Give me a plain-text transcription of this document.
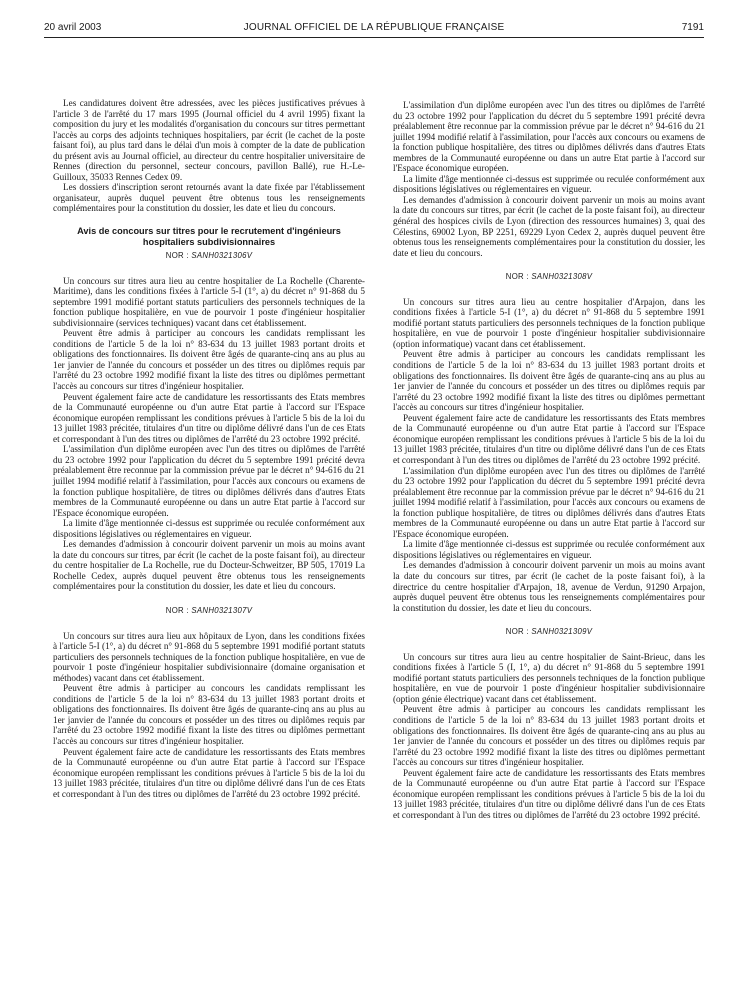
20 avril 2003	JOURNAL OFFICIEL DE LA RÉPUBLIQUE FRANÇAISE	7191

Les candidatures doivent être adressées, avec les pièces justificatives prévues à l'article 3 de l'arrêté du 17 mars 1995 (Journal officiel du 4 avril 1995) fixant la composition du jury et les modalités d'organisation du concours sur titres permettant l'accès au corps des adjoints techniques hospitaliers, par écrit (le cachet de la poste faisant foi), au plus tard dans le délai d'un mois à compter de la date de publication du présent avis au Journal officiel, au directeur du centre hospitalier universitaire de Rennes (direction du personnel, secteur concours, pavillon Ballé), rue H.-Le-Guilloux, 35033 Rennes Cedex 09.

Les dossiers d'inscription seront retournés avant la date fixée par l'établissement organisateur, auprès duquel peuvent être obtenus tous les renseignements complémentaires pour la constitution du dossier, les date et lieu du concours.

Avis de concours sur titres pour le recrutement d'ingénieurs hospitaliers subdivisionnaires

NOR : SANH0321306V

Un concours sur titres aura lieu au centre hospitalier de La Rochelle (Charente-Maritime), dans les conditions fixées à l'article 5-I (1°, a) du décret n° 91-868 du 5 septembre 1991 modifié portant statuts particuliers des personnels techniques de la fonction publique hospitalière, en vue de pourvoir 1 poste d'ingénieur hospitalier subdivisionnaire (services techniques) vacant dans cet établissement.

Peuvent être admis à participer au concours les candidats remplissant les conditions de l'article 5 de la loi n° 83-634 du 13 juillet 1983 portant droits et obligations des fonctionnaires. Ils doivent être âgés de quarante-cinq ans au plus au 1er janvier de l'année du concours et posséder un des titres ou diplômes requis par l'arrêté du 23 octobre 1992 modifié fixant la liste des titres ou diplômes permettant l'accès au concours sur titres d'ingénieur hospitalier.

Peuvent également faire acte de candidature les ressortissants des Etats membres de la Communauté européenne ou d'un autre Etat partie à l'accord sur l'Espace économique européen remplissant les conditions prévues à l'article 5 bis de la loi du 13 juillet 1983 précitée, titulaires d'un titre ou diplôme délivré dans l'un de ces Etats et correspondant à l'un des titres ou diplômes de l'arrêté du 23 octobre 1992 précité.

L'assimilation d'un diplôme européen avec l'un des titres ou diplômes de l'arrêté du 23 octobre 1992 pour l'application du décret du 5 septembre 1991 précité devra préalablement être reconnue par la commission prévue par le décret n° 94-616 du 21 juillet 1994 modifié relatif à l'assimilation, pour l'accès aux concours ou examens de la fonction publique hospitalière, de titres ou diplômes délivrés dans d'autres Etats membres de la Communauté européenne ou dans un autre Etat partie à l'accord sur l'Espace économique européen.

La limite d'âge mentionnée ci-dessus est supprimée ou reculée conformément aux dispositions législatives ou réglementaires en vigueur.

Les demandes d'admission à concourir doivent parvenir un mois au moins avant la date du concours sur titres, par écrit (le cachet de la poste faisant foi), au directeur du centre hospitalier de La Rochelle, rue du Docteur-Schweitzer, BP 505, 17019 La Rochelle Cedex, auprès duquel peuvent être obtenus tous les renseignements complémentaires pour la constitution du dossier, les date et lieu du concours.

NOR : SANH0321307V

Un concours sur titres aura lieu aux hôpitaux de Lyon, dans les conditions fixées à l'article 5-I (1°, a) du décret n° 91-868 du 5 septembre 1991 modifié portant statuts particuliers des personnels techniques de la fonction publique hospitalière, en vue de pourvoir 1 poste d'ingénieur hospitalier subdivisionnaire (domaine organisation et méthodes) vacant dans cet établissement.

Peuvent être admis à participer au concours les candidats remplissant les conditions de l'article 5 de la loi n° 83-634 du 13 juillet 1983 portant droits et obligations des fonctionnaires. Ils doivent être âgés de quarante-cinq ans au plus au 1er janvier de l'année du concours et posséder un des titres ou diplômes requis par l'arrêté du 23 octobre 1992 modifié fixant la liste des titres ou diplômes permettant l'accès au concours sur titres d'ingénieur hospitalier.

Peuvent également faire acte de candidature les ressortissants des Etats membres de la Communauté européenne ou d'un autre Etat partie à l'accord sur l'Espace économique européen remplissant les conditions prévues à l'article 5 bis de la loi du 13 juillet 1983 précitée, titulaires d'un titre ou diplôme délivré dans l'un de ces Etats et correspondant à l'un des titres ou diplômes de l'arrêté du 23 octobre 1992 précité.

L'assimilation d'un diplôme européen avec l'un des titres ou diplômes de l'arrêté du 23 octobre 1992 pour l'application du décret du 5 septembre 1991 précité devra préalablement être reconnue par la commission prévue par le décret n° 94-616 du 21 juillet 1994 modifié relatif à l'assimilation, pour l'accès aux concours ou examens de la fonction publique hospitalière, des titres ou diplômes délivrés dans d'autres Etats membres de la Communauté européenne ou dans un autre Etat partie à l'accord sur l'Espace économique européen.

La limite d'âge mentionnée ci-dessus est supprimée ou reculée conformément aux dispositions législatives ou réglementaires en vigueur.

Les demandes d'admission à concourir doivent parvenir un mois au moins avant la date du concours sur titres, par écrit (le cachet de la poste faisant foi), au directeur général des hospices civils de Lyon (direction des ressources humaines) 3, quai des Célestins, 69002 Lyon, BP 2251, 69229 Lyon Cedex 2, auprès duquel peuvent être obtenus tous les renseignements complémentaires pour la constitution du dossier, les date et lieu du concours.

NOR : SANH0321308V

Un concours sur titres aura lieu au centre hospitalier d'Arpajon, dans les conditions fixées à l'article 5-I (1°, a) du décret n° 91-868 du 5 septembre 1991 modifié portant statuts particuliers des personnels techniques de la fonction publique hospitalière, en vue de pourvoir 1 poste d'ingénieur hospitalier subdivisionnaire (option informatique) vacant dans cet établissement.

Peuvent être admis à participer au concours les candidats remplissant les conditions de l'article 5 de la loi n° 83-634 du 13 juillet 1983 portant droits et obligations des fonctionnaires. Ils doivent être âgés de quarante-cinq ans au plus au 1er janvier de l'année du concours et posséder un des titres ou diplômes requis par l'arrêté du 23 octobre 1992 modifié fixant la liste des titres ou diplômes permettant l'accès au concours sur titres d'ingénieur hospitalier.

Peuvent également faire acte de candidature les ressortissants des Etats membres de la Communauté européenne ou d'un autre Etat partie à l'accord sur l'Espace économique européen remplissant les conditions prévues à l'article 5 bis de la loi du 13 juillet 1983 précitée, titulaires d'un titre ou diplôme délivré dans l'un de ces Etats et correspondant à l'un des titres ou diplômes de l'arrêté du 23 octobre 1992 précité.

L'assimilation d'un diplôme européen avec l'un des titres ou diplômes de l'arrêté du 23 octobre 1992 pour l'application du décret du 5 septembre 1991 précité devra préalablement être reconnue par la commission prévue par le décret n° 94-616 du 21 juillet 1994 modifié relatif à l'assimilation, pour l'accès aux concours ou examens de la fonction publique hospitalière, de titres ou diplômes délivrés dans d'autres Etats membres de la Communauté européenne ou dans un autre Etat partie à l'accord sur l'Espace économique européen.

La limite d'âge mentionnée ci-dessus est supprimée ou reculée conformément aux dispositions législatives ou réglementaires en vigueur.

Les demandes d'admission à concourir doivent parvenir un mois au moins avant la date du concours sur titres, par écrit (le cachet de la poste faisant foi), à la directrice du centre hospitalier d'Arpajon, 18, avenue de Verdun, 91290 Arpajon, auprès duquel peuvent être obtenus tous les renseignements complémentaires pour la constitution du dossier, les date et lieu du concours.

NOR : SANH0321309V

Un concours sur titres aura lieu au centre hospitalier de Saint-Brieuc, dans les conditions fixées à l'article 5 (I, 1°, a) du décret n° 91-868 du 5 septembre 1991 modifié portant statuts particuliers des personnels techniques de la fonction publique hospitalière, en vue de pourvoir 1 poste d'ingénieur hospitalier subdivisionnaire (option génie électrique) vacant dans cet établissement.

Peuvent être admis à participer au concours les candidats remplissant les conditions de l'article 5 de la loi n° 83-634 du 13 juillet 1983 portant droits et obligations des fonctionnaires. Ils doivent être âgés de quarante-cinq ans au plus au 1er janvier de l'année du concours et posséder un des titres ou diplômes requis par l'arrêté du 23 octobre 1992 modifié fixant la liste des titres ou diplômes permettant l'accès au concours sur titres d'ingénieur hospitalier.

Peuvent également faire acte de candidature les ressortissants des Etats membres de la Communauté européenne ou d'un autre Etat partie à l'accord sur l'Espace économique européen remplissant les conditions prévues à l'article 5 bis de la loi du 13 juillet 1983 précitée, titulaires d'un titre ou diplôme délivré dans l'un de ces Etats et correspondant à l'un des titres ou diplômes de l'arrêté du 23 octobre 1992 précité.
